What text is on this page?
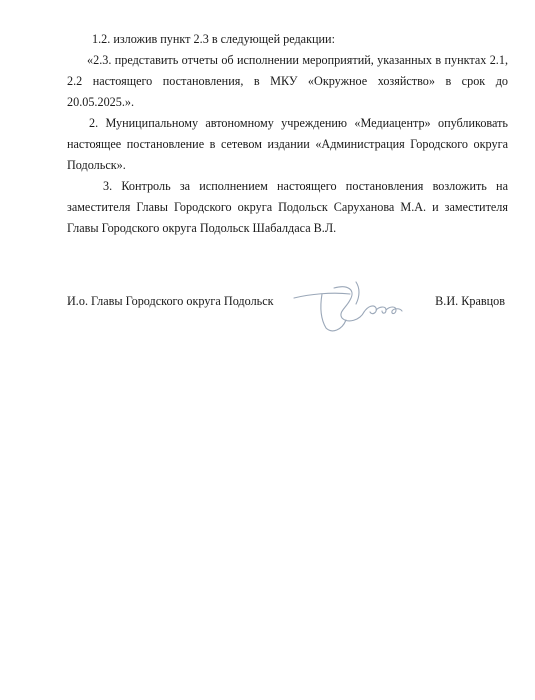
1.2. изложив пункт 2.3 в следующей редакции:

«2.3. представить отчеты об исполнении мероприятий, указанных в пунктах 2.1, 2.2 настоящего постановления, в МКУ «Окружное хозяйство» в срок до 20.05.2025.».

2. Муниципальному автономному учреждению «Медиацентр» опубликовать настоящее постановление в сетевом издании «Администрация Городского округа Подольск».

3. Контроль за исполнением настоящего постановления возложить на заместителя Главы Городского округа Подольск Саруханова М.А. и заместителя Главы Городского округа Подольск Шабалдаса В.Л.

И.о. Главы Городского округа Подольск	В.И. Кравцов
